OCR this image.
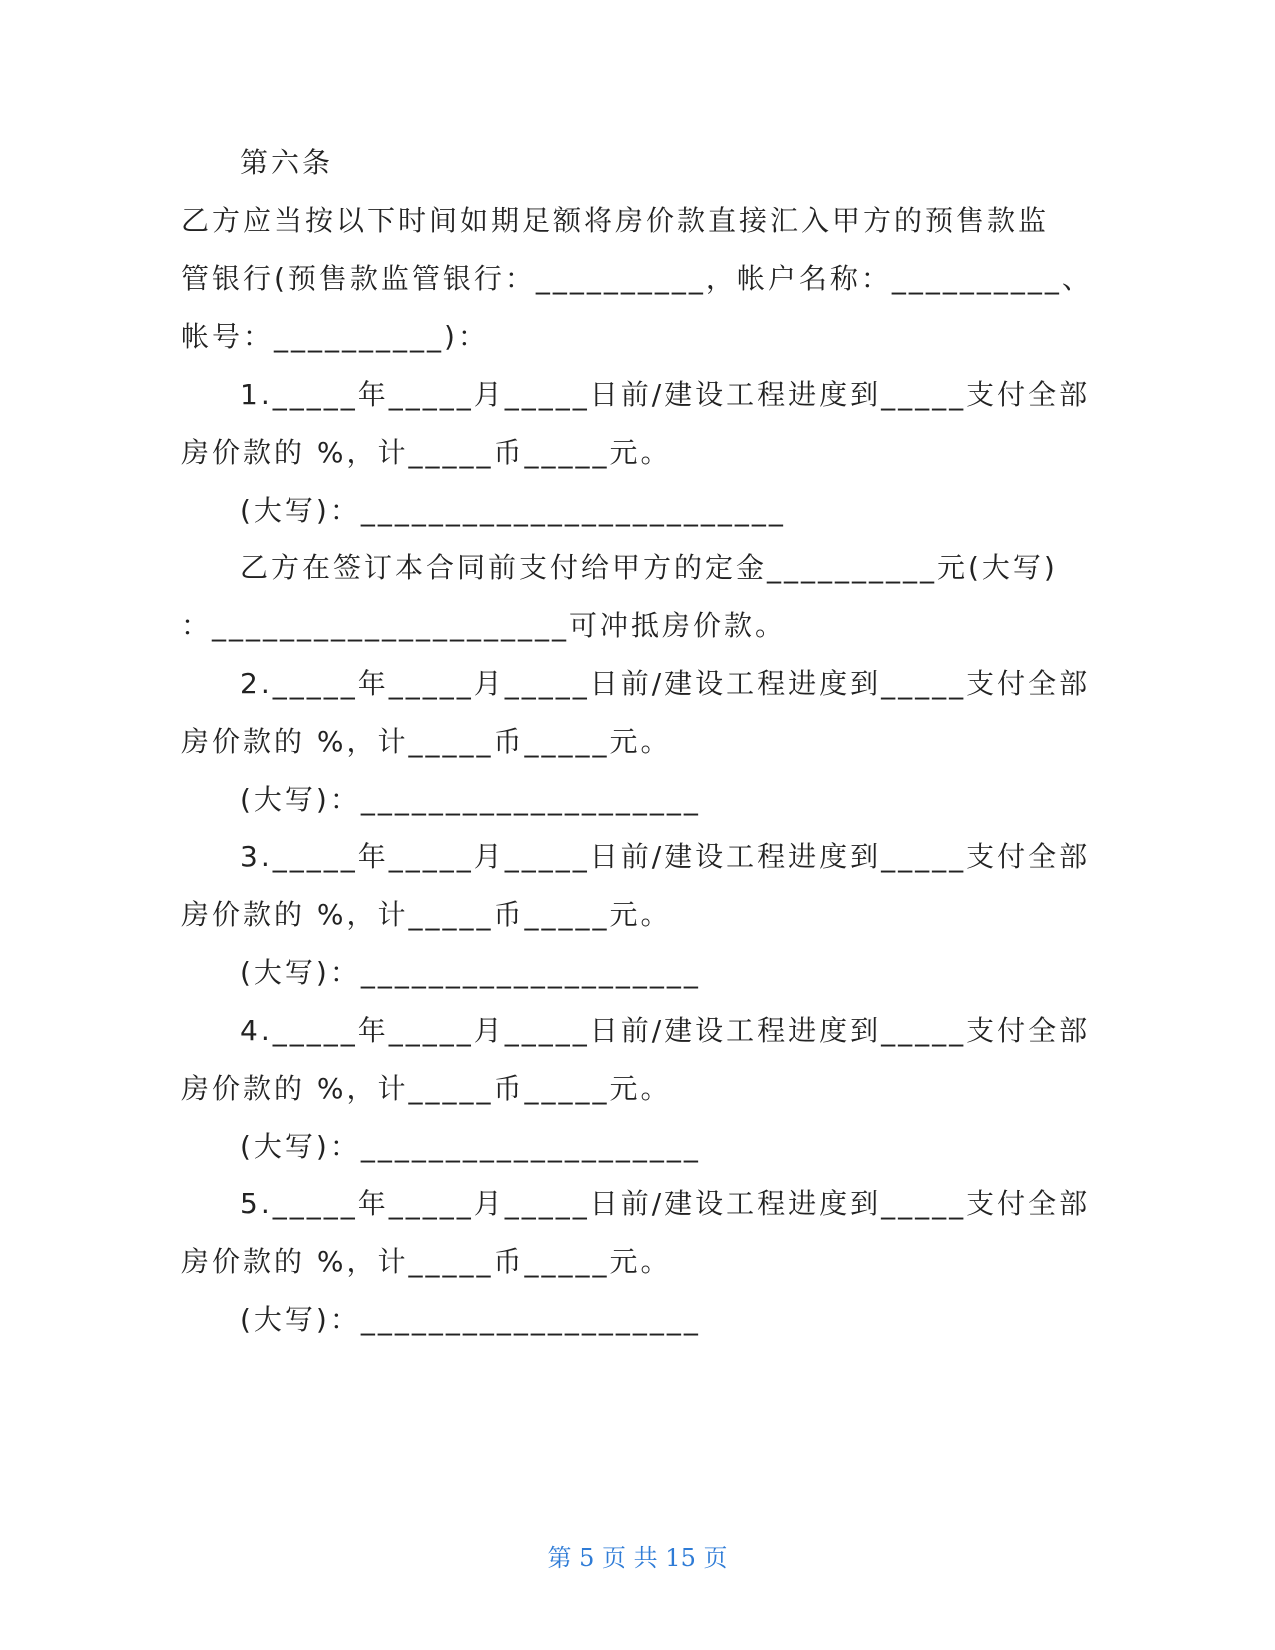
第六条
乙方应当按以下时间如期足额将房价款直接汇入甲方的预售款监
管银行(预售款监管银行：__________，帐户名称：__________、
帐号：__________)：
1._____年_____月_____日前/建设工程进度到_____支付全部
房价款的 %，计_____币_____元。
(大写)：_________________________
乙方在签订本合同前支付给甲方的定金__________元(大写)
：_____________________可冲抵房价款。
2._____年_____月_____日前/建设工程进度到_____支付全部
房价款的 %，计_____币_____元。
(大写)：____________________
3._____年_____月_____日前/建设工程进度到_____支付全部
房价款的 %，计_____币_____元。
(大写)：____________________
4._____年_____月_____日前/建设工程进度到_____支付全部
房价款的 %，计_____币_____元。
(大写)：____________________
5._____年_____月_____日前/建设工程进度到_____支付全部
房价款的 %，计_____币_____元。
(大写)：____________________
第 5 页 共 15 页
